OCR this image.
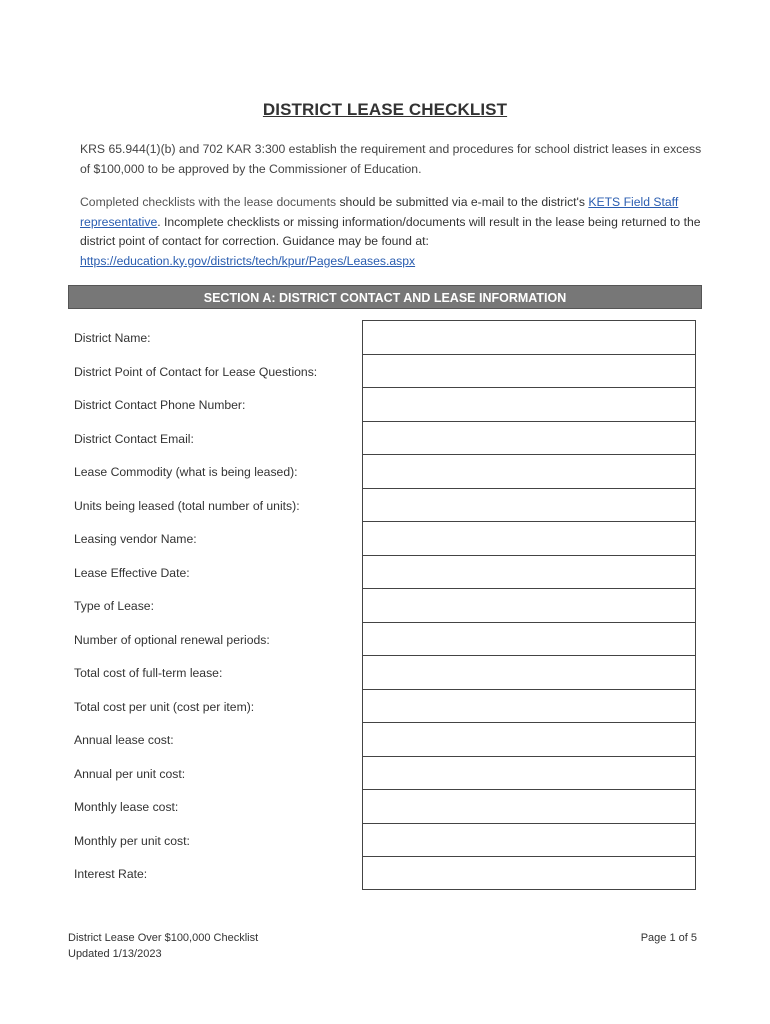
DISTRICT LEASE CHECKLIST
KRS 65.944(1)(b) and 702 KAR 3:300 establish the requirement and procedures for school district leases in excess of $100,000 to be approved by the Commissioner of Education.
Completed checklists with the lease documents should be submitted via e-mail to the district's KETS Field Staff representative. Incomplete checklists or missing information/documents will result in the lease being returned to the district point of contact for correction. Guidance may be found at:
https://education.ky.gov/districts/tech/kpur/Pages/Leases.aspx
SECTION A: DISTRICT CONTACT AND LEASE INFORMATION
District Name:
District Point of Contact for Lease Questions:
District Contact Phone Number:
District Contact Email:
Lease Commodity (what is being leased):
Units being leased (total number of units):
Leasing vendor Name:
Lease Effective Date:
Type of Lease:
Number of optional renewal periods:
Total cost of full-term lease:
Total cost per unit (cost per item):
Annual lease cost:
Annual per unit cost:
Monthly lease cost:
Monthly per unit cost:
Interest Rate:
District Lease Over $100,000 Checklist
Updated 1/13/2023
Page 1 of 5
